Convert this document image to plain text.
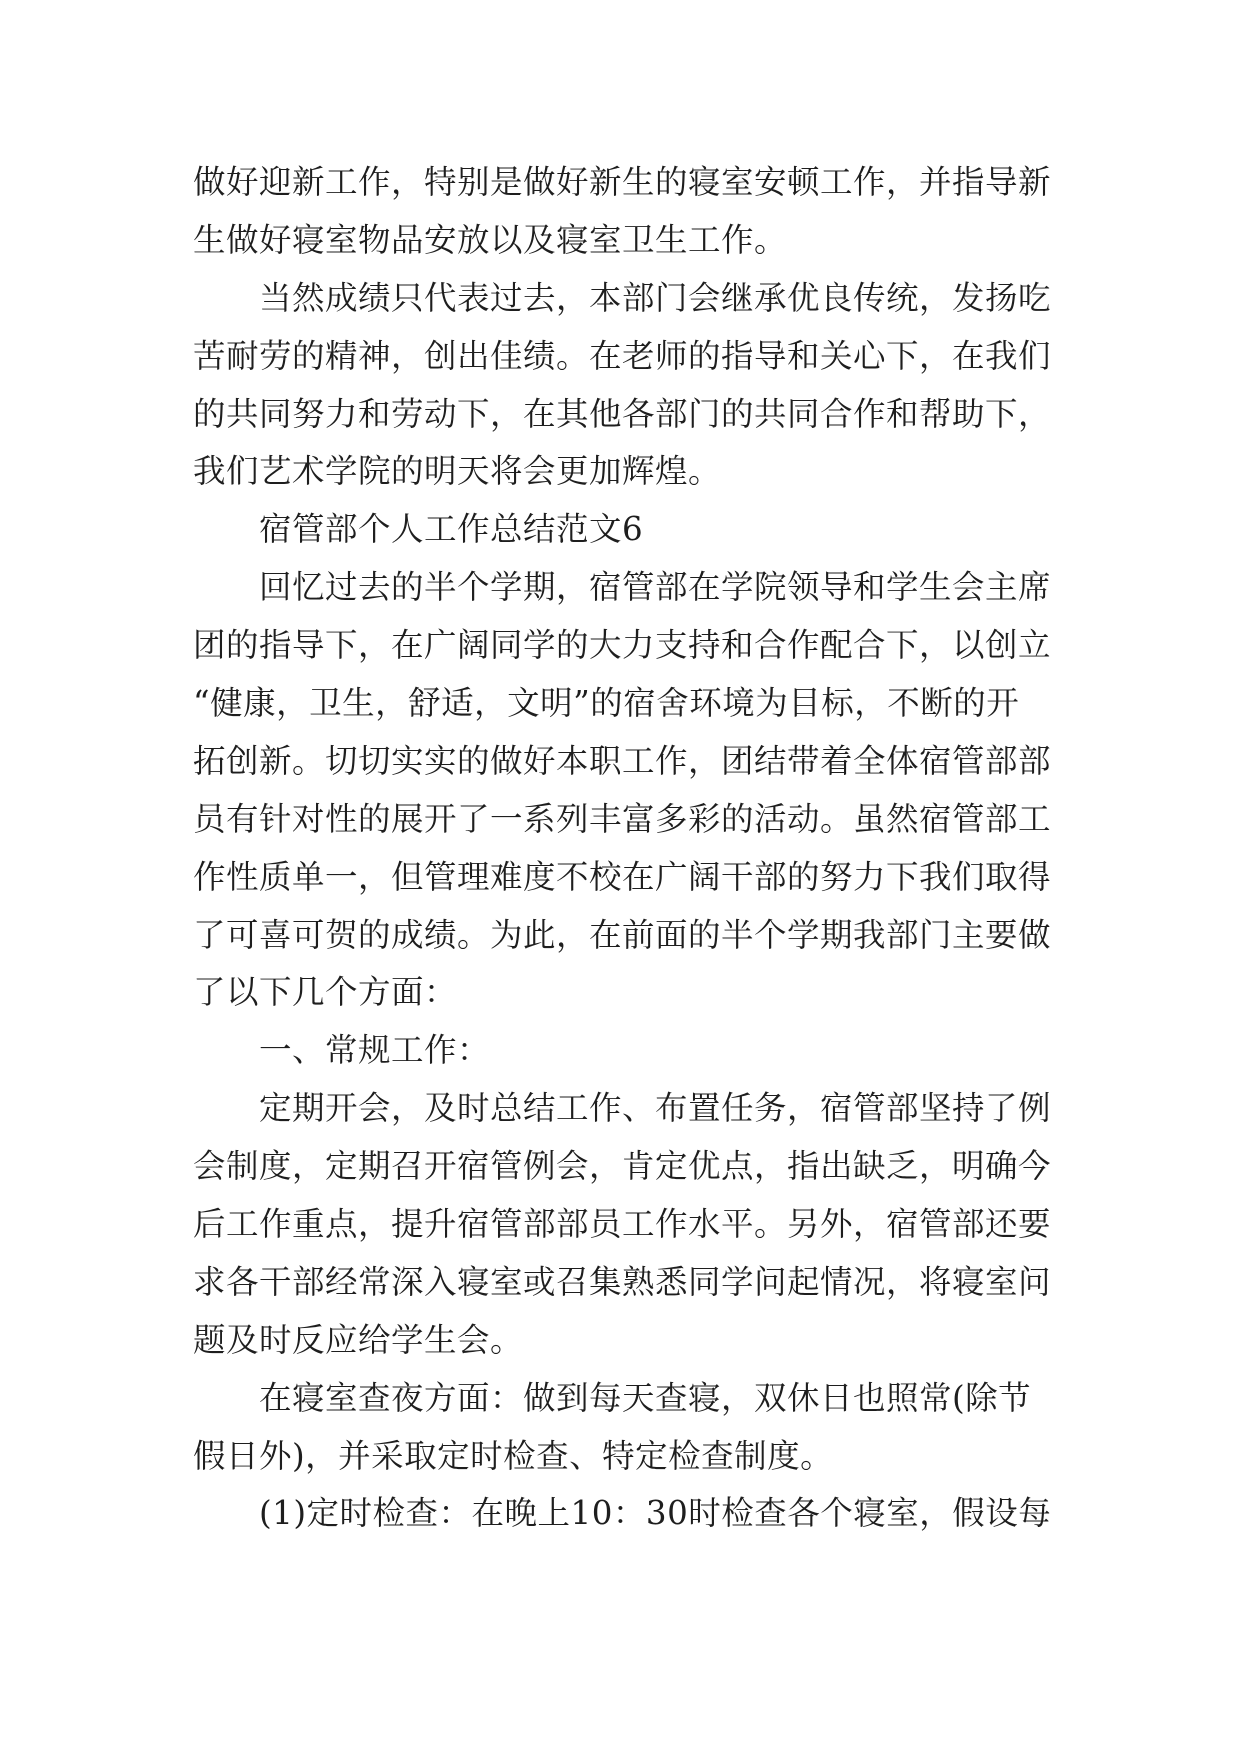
做好迎新工作，特别是做好新生的寝室安顿工作，并指导新
生做好寝室物品安放以及寝室卫生工作。
当然成绩只代表过去，本部门会继承优良传统，发扬吃
苦耐劳的精神，创出佳绩。在老师的指导和关心下，在我们
的共同努力和劳动下，在其他各部门的共同合作和帮助下，
我们艺术学院的明天将会更加辉煌。
宿管部个人工作总结范文6
回忆过去的半个学期，宿管部在学院领导和学生会主席
团的指导下，在广阔同学的大力支持和合作配合下，以创立
“健康，卫生，舒适，文明”的宿舍环境为目标，不断的开
拓创新。切切实实的做好本职工作，团结带着全体宿管部部
员有针对性的展开了一系列丰富多彩的活动。虽然宿管部工
作性质单一，但管理难度不校在广阔干部的努力下我们取得
了可喜可贺的成绩。为此，在前面的半个学期我部门主要做
了以下几个方面：
一、常规工作：
定期开会，及时总结工作、布置任务，宿管部坚持了例
会制度，定期召开宿管例会，肯定优点，指出缺乏，明确今
后工作重点，提升宿管部部员工作水平。另外，宿管部还要
求各干部经常深入寝室或召集熟悉同学问起情况，将寝室问
题及时反应给学生会。
在寝室查夜方面：做到每天查寝，双休日也照常(除节
假日外)，并采取定时检查、特定检查制度。
(1)定时检查：在晚上10：30时检查各个寝室，假设每
